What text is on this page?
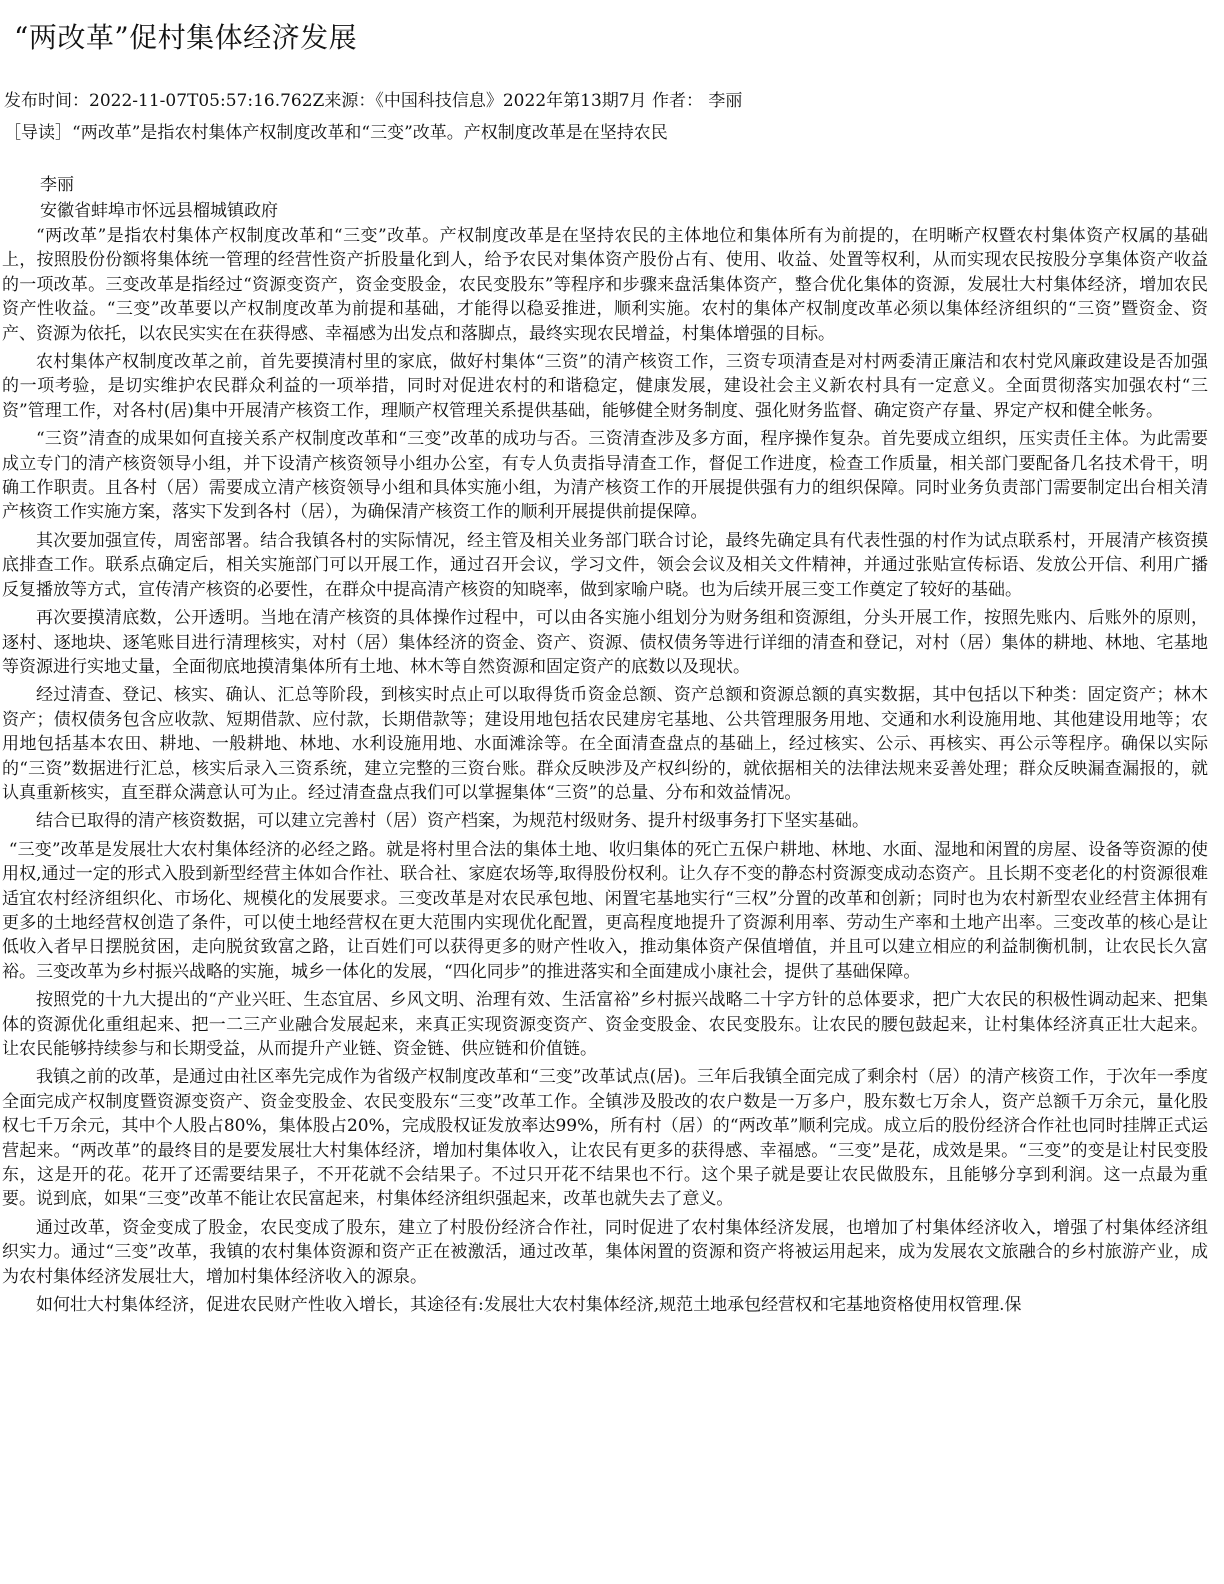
“两改革”促村集体经济发展
发布时间：2022-11-07T05:57:16.762Z来源：《中国科技信息》2022年第13期7月 作者： 李丽
［导读］“两改革”是指农村集体产权制度改革和“三变”改革。产权制度改革是在坚持农民
李丽
安徽省蚌埠市怀远县榴城镇政府

“两改革”是指农村集体产权制度改革和“三变”改革。产权制度改革是在坚持农民的主体地位和集体所有为前提的，在明晰产权暨农村集体资产权属的基础上，按照股份份额将集体统一管理的经营性资产折股量化到人，给予农民对集体资产股份占有、使用、收益、处置等权利，从而实现农民按股分享集体资产收益的一项改革。三变改革是指经过“资源变资产，资金变股金，农民变股东”等程序和步骤来盘活集体资产，整合优化集体的资源，发展壮大村集体经济，增加农民资产性收益。“三变”改革要以产权制度改革为前提和基础，才能得以稳妥推进，顺利实施。农村的集体产权制度改革必须以集体经济组织的“三资”暨资金、资产、资源为依托，以农民实实在在获得感、幸福感为出发点和落脚点，最终实现农民增益，村集体增强的目标。

农村集体产权制度改革之前，首先要摸清村里的家底，做好村集体“三资”的清产核资工作，三资专项清查是对村两委清正廉洁和农村党风廉政建设是否加强的一项考验，是切实维护农民群众利益的一项举措，同时对促进农村的和谐稳定，健康发展，建设社会主义新农村具有一定意义。全面贯彻落实加强农村“三资”管理工作，对各村(居)集中开展清产核资工作，理顺产权管理关系提供基础，能够健全财务制度、强化财务监督、确定资产存量、界定产权和健全帐务。

“三资”清查的成果如何直接关系产权制度改革和“三变”改革的成功与否。三资清查涉及多方面，程序操作复杂。首先要成立组织，压实责任主体。为此需要成立专门的清产核资领导小组，并下设清产核资领导小组办公室，有专人负责指导清查工作，督促工作进度，检查工作质量，相关部门要配备几名技术骨干，明确工作职责。且各村（居）需要成立清产核资领导小组和具体实施小组，为清产核资工作的开展提供强有力的组织保障。同时业务负责部门需要制定出台相关清产核资工作实施方案，落实下发到各村（居），为确保清产核资工作的顺利开展提供前提保障。

其次要加强宣传，周密部署。结合我镇各村的实际情况，经主管及相关业务部门联合讨论，最终先确定具有代表性强的村作为试点联系村，开展清产核资摸底排查工作。联系点确定后，相关实施部门可以开展工作，通过召开会议，学习文件，领会会议及相关文件精神，并通过张贴宣传标语、发放公开信、利用广播反复播放等方式，宣传清产核资的必要性，在群众中提高清产核资的知晓率，做到家喻户晓。也为后续开展三变工作奠定了较好的基础。

再次要摸清底数，公开透明。当地在清产核资的具体操作过程中，可以由各实施小组划分为财务组和资源组，分头开展工作，按照先账内、后账外的原则，逐村、逐地块、逐笔账目进行清理核实，对村（居）集体经济的资金、资产、资源、债权债务等进行详细的清查和登记，对村（居）集体的耕地、林地、宅基地等资源进行实地丈量，全面彻底地摸清集体所有土地、林木等自然资源和固定资产的底数以及现状。

经过清查、登记、核实、确认、汇总等阶段，到核实时点止可以取得货币资金总额、资产总额和资源总额的真实数据，其中包括以下种类：固定资产；林木资产；债权债务包含应收款、短期借款、应付款，长期借款等；建设用地包括农民建房宅基地、公共管理服务用地、交通和水利设施用地、其他建设用地等；农用地包括基本农田、耕地、一般耕地、林地、水利设施用地、水面滩涂等。在全面清查盘点的基础上，经过核实、公示、再核实、再公示等程序。确保以实际的“三资”数据进行汇总，核实后录入三资系统，建立完整的三资台账。群众反映涉及产权纠纷的，就依据相关的法律法规来妥善处理；群众反映漏查漏报的，就认真重新核实，直至群众满意认可为止。经过清查盘点我们可以掌握集体“三资”的总量、分布和效益情况。

结合已取得的清产核资数据，可以建立完善村（居）资产档案，为规范村级财务、提升村级事务打下坚实基础。

“三变”改革是发展壮大农村集体经济的必经之路。就是将村里合法的集体土地、收归集体的死亡五保户耕地、林地、水面、湿地和闲置的房屋、设备等资源的使用权,通过一定的形式入股到新型经营主体如合作社、联合社、家庭农场等,取得股份权利。让久存不变的静态村资源变成动态资产。且长期不变老化的村资源很难适宜农村经济组织化、市场化、规模化的发展要求。三变改革是对农民承包地、闲置宅基地实行“三权”分置的改革和创新；同时也为农村新型农业经营主体拥有更多的土地经营权创造了条件，可以使土地经营权在更大范围内实现优化配置，更高程度地提升了资源利用率、劳动生产率和土地产出率。三变改革的核心是让低收入者早日摆脱贫困，走向脱贫致富之路，让百姓们可以获得更多的财产性收入，推动集体资产保值增值，并且可以建立相应的利益制衡机制，让农民长久富裕。三变改革为乡村振兴战略的实施，城乡一体化的发展，“四化同步”的推进落实和全面建成小康社会，提供了基础保障。

按照党的十九大提出的“产业兴旺、生态宜居、乡风文明、治理有效、生活富裕”乡村振兴战略二十字方针的总体要求，把广大农民的积极性调动起来、把集体的资源优化重组起来、把一二三产业融合发展起来，来真正实现资源变资产、资金变股金、农民变股东。让农民的腰包鼓起来，让村集体经济真正壮大起来。让农民能够持续参与和长期受益，从而提升产业链、资金链、供应链和价值链。

我镇之前的改革，是通过由社区率先完成作为省级产权制度改革和“三变”改革试点(居)。三年后我镇全面完成了剩余村（居）的清产核资工作，于次年一季度全面完成产权制度暨资源变资产、资金变股金、农民变股东“三变”改革工作。全镇涉及股改的农户数是一万多户，股东数七万余人，资产总额千万余元，量化股权七千万余元，其中个人股占80%，集体股占20%，完成股权证发放率达99%，所有村（居）的“两改革”顺利完成。成立后的股份经济合作社也同时挂牌正式运营起来。“两改革”的最终目的是要发展壮大村集体经济，增加村集体收入，让农民有更多的获得感、幸福感。“三变”是花，成效是果。“三变”的变是让村民变股东，这是开的花。花开了还需要结果子，不开花就不会结果子。不过只开花不结果也不行。这个果子就是要让农民做股东，且能够分享到利润。这一点最为重要。说到底，如果“三变”改革不能让农民富起来，村集体经济组织强起来，改革也就失去了意义。

通过改革，资金变成了股金，农民变成了股东，建立了村股份经济合作社，同时促进了农村集体经济发展，也增加了村集体经济收入，增强了村集体经济组织实力。通过“三变”改革，我镇的农村集体资源和资产正在被激活，通过改革，集体闲置的资源和资产将被运用起来，成为发展农文旅融合的乡村旅游产业，成为农村集体经济发展壮大，增加村集体经济收入的源泉。

如何壮大村集体经济，促进农民财产性收入增长，其途径有:发展壮大农村集体经济,规范土地承包经营权和宅基地资格使用权管理.保
